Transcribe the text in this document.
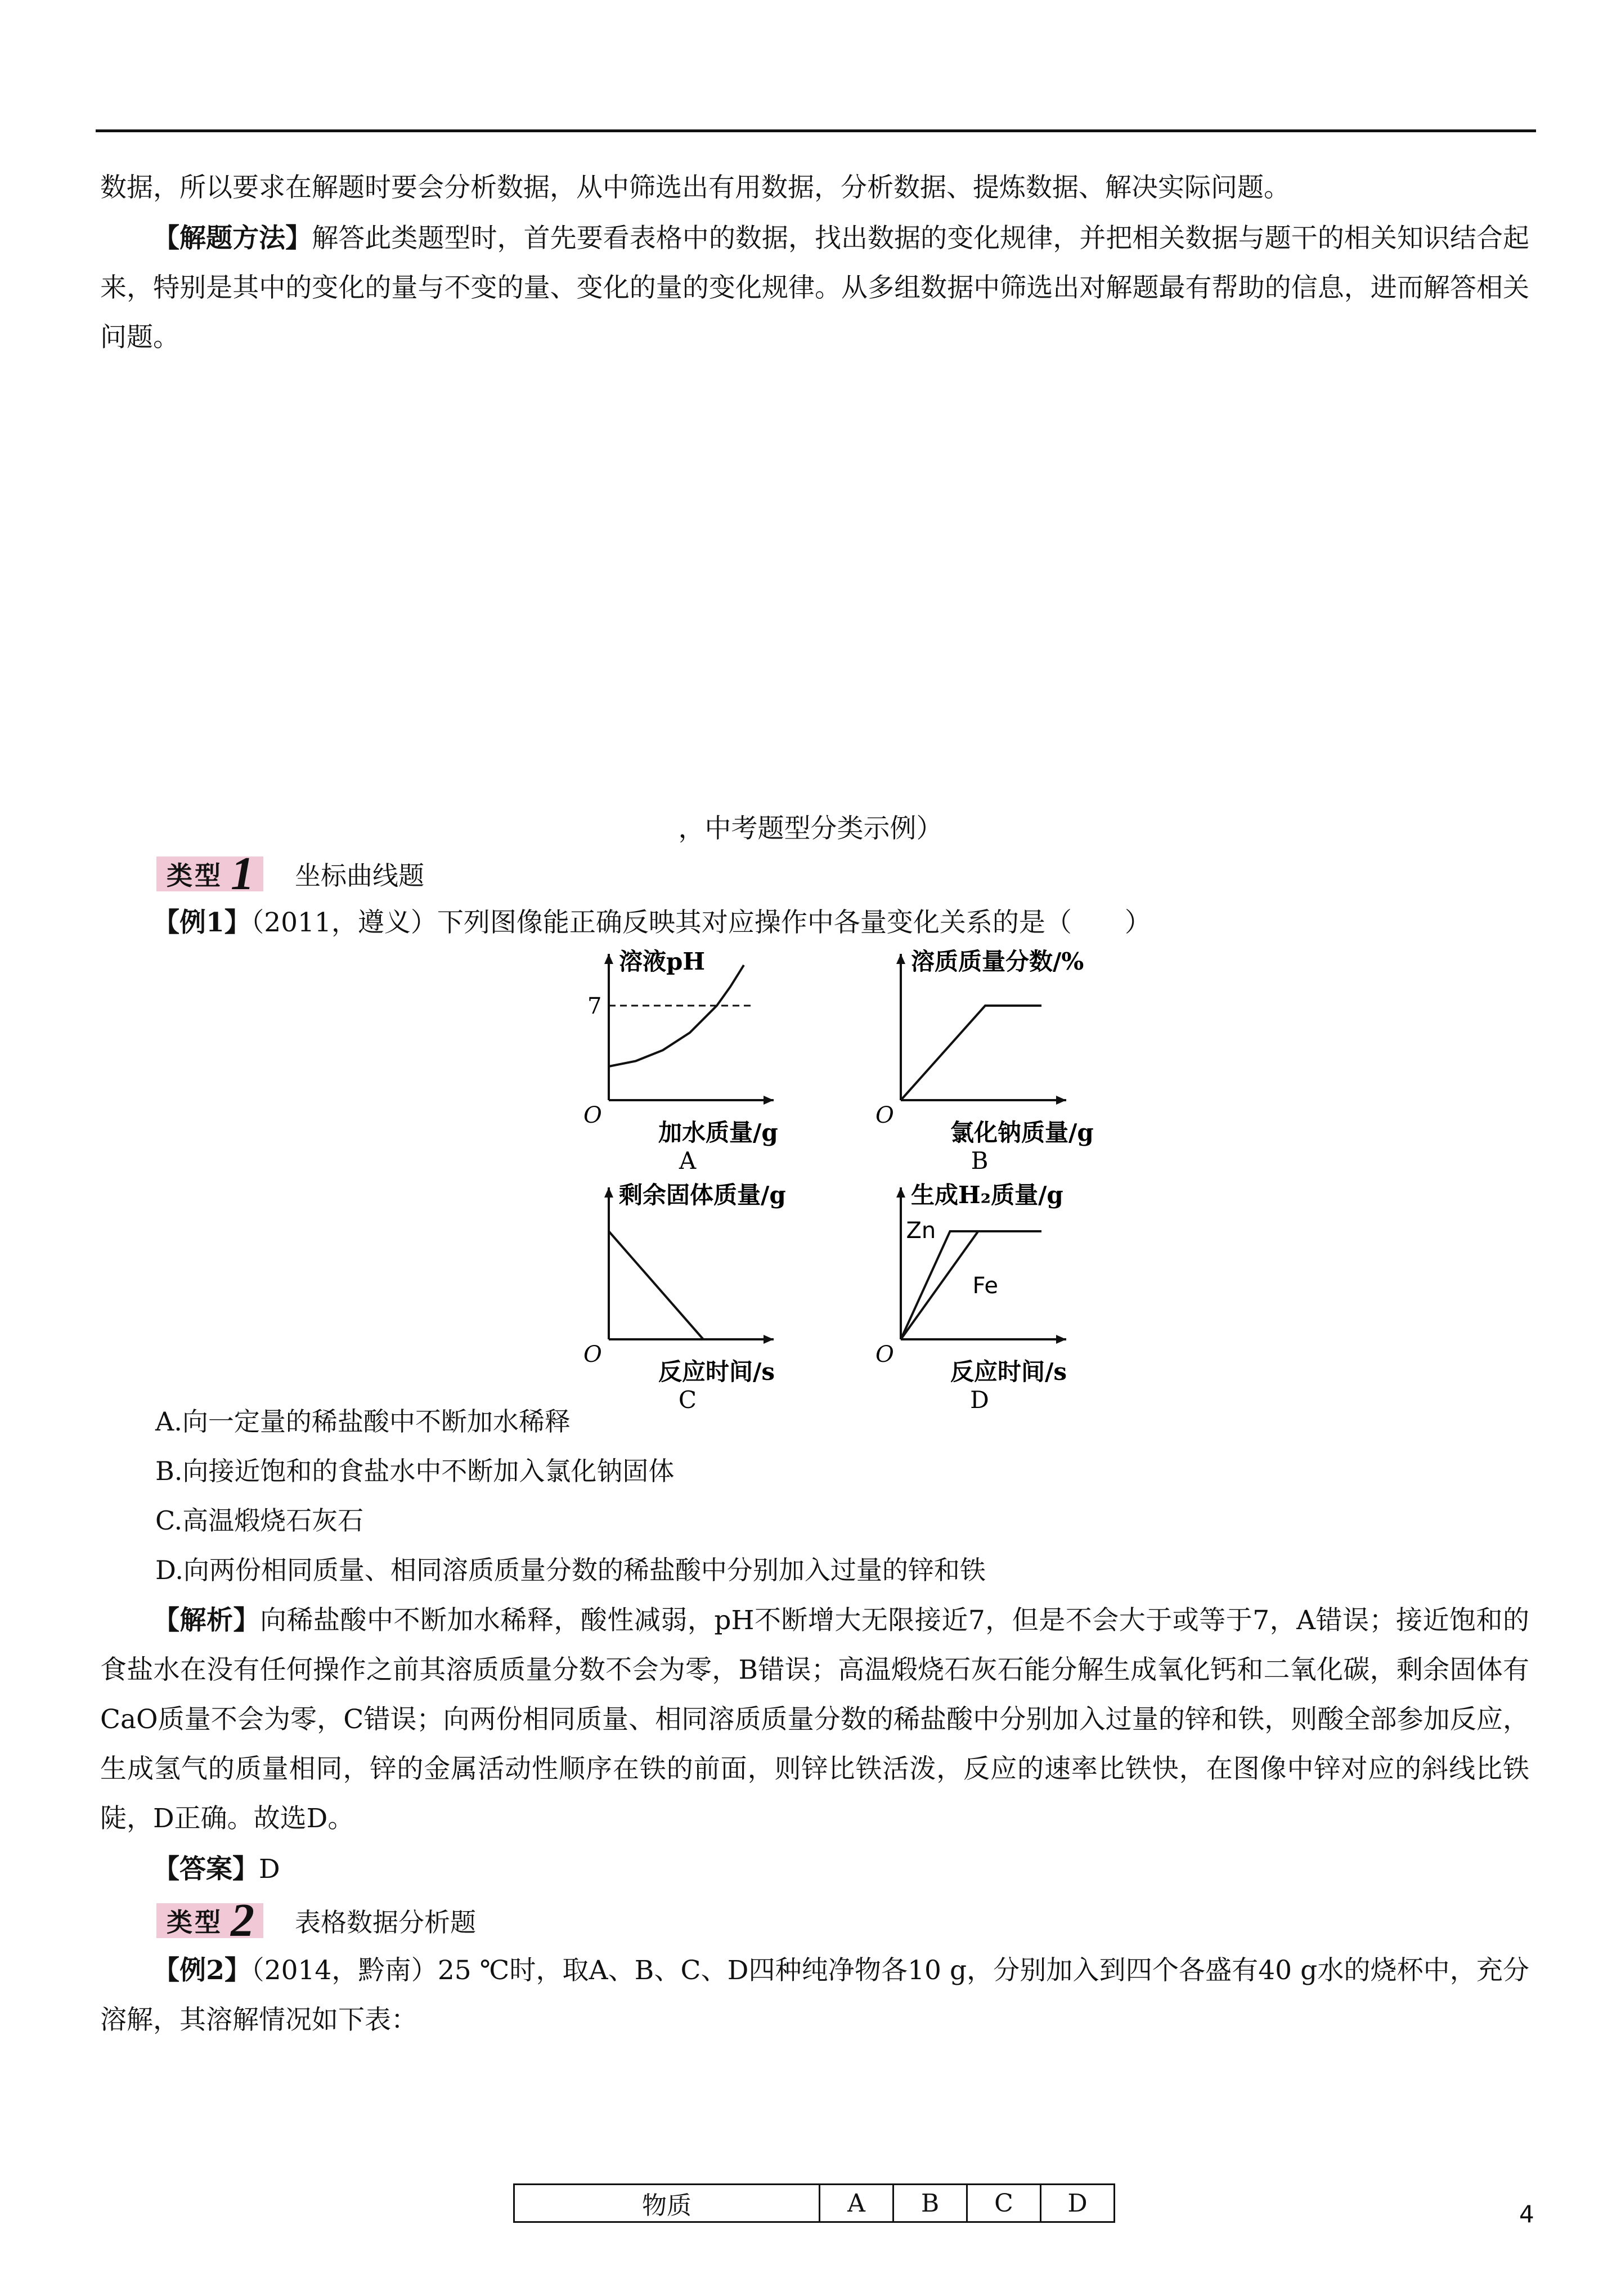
数据，所以要求在解题时要会分析数据，从中筛选出有用数据，分析数据、提炼数据、解决实际问题。

【解题方法】解答此类题型时，首先要看表格中的数据，找出数据的变化规律，并把相关数据与题干的相关知识结合起来，特别是其中的变化的量与不变的量、变化的量的变化规律。从多组数据中筛选出对解题最有帮助的信息，进而解答相关问题。

，中考题型分类示例）
类型 1 坐标曲线题

【例1】（2011，遵义）下列图像能正确反映其对应操作中各量变化关系的是（　　）

溶液pH
O
加水质量/g
A
7
溶质质量分数/%
O
氯化钠质量/g
B
剩余固体质量/g
O
反应时间/s
C
生成H₂质量/g
O
反应时间/s
D
Zn
Fe
A.向一定量的稀盐酸中不断加水稀释
B.向接近饱和的食盐水中不断加入氯化钠固体
C.高温煅烧石灰石
D.向两份相同质量、相同溶质质量分数的稀盐酸中分别加入过量的锌和铁

【解析】向稀盐酸中不断加水稀释，酸性减弱，pH不断增大无限接近7，但是不会大于或等于7，A错误；接近饱和的食盐水在没有任何操作之前其溶质质量分数不会为零，B错误；高温煅烧石灰石能分解生成氧化钙和二氧化碳，剩余固体有CaO质量不会为零，C错误；向两份相同质量、相同溶质质量分数的稀盐酸中分别加入过量的锌和铁，则酸全部参加反应，生成氢气的质量相同，锌的金属活动性顺序在铁的前面，则锌比铁活泼，反应的速率比铁快，在图像中锌对应的斜线比铁陡，D正确。故选D。

【答案】D

类型 2 表格数据分析题

【例2】（2014，黔南）25 ℃时，取A、B、C、D四种纯净物各10 g，分别加入到四个各盛有40 g水的烧杯中，充分溶解，其溶解情况如下表：

物质	A	B	C	D	4
